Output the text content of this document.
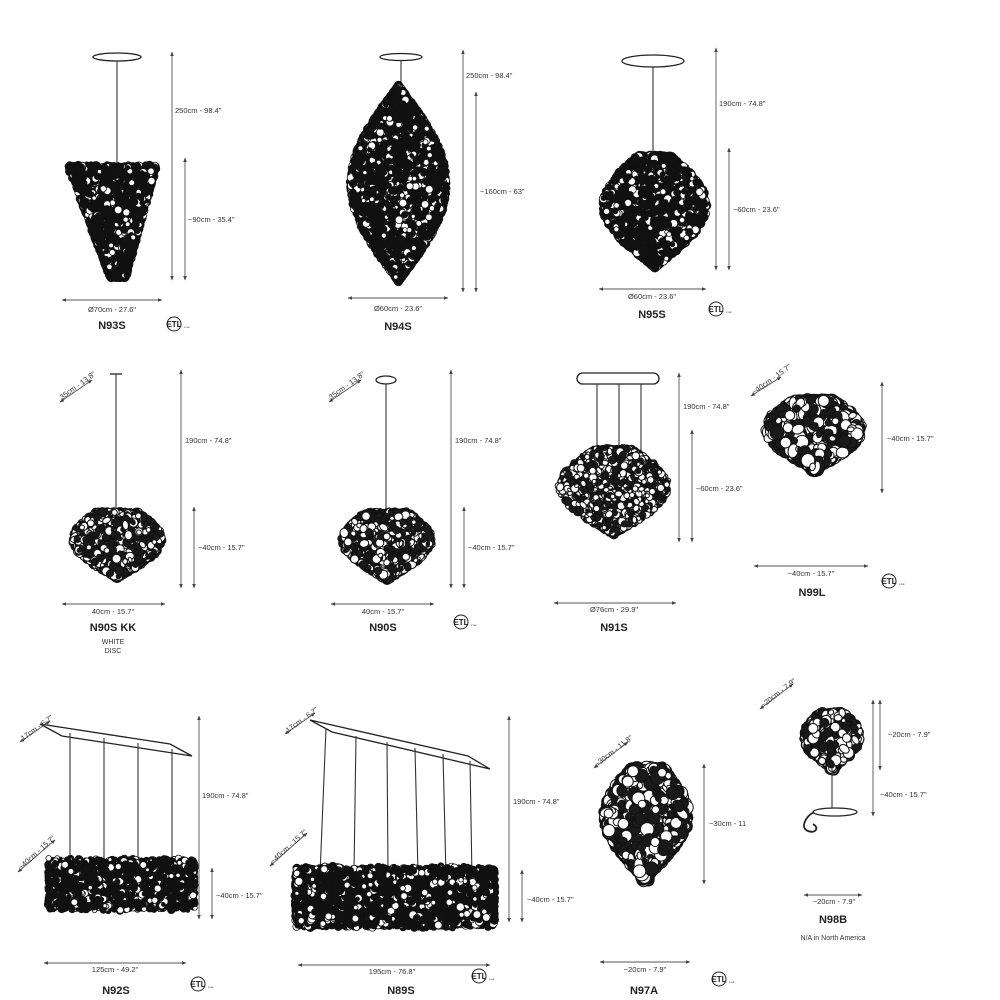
250cm - 98.4"
~90cm - 35.4"
Ø70cm - 27.6"
N93S	ETL c us
250cm - 98.4"
~160cm - 63"
Ø60cm - 23.6"
N94S
190cm - 74.8"
~60cm - 23.6"
Ø60cm - 23.6"
N95S	ETL c us
35cm - 13.8"
190cm - 74.8"
~40cm - 15.7"
40cm - 15.7"
N90S KK
WHITE
DISC
35cm - 13.8"
190cm - 74.8"
~40cm - 15.7"
40cm - 15.7"
N90S	ETL c us
190cm - 74.8"
~60cm - 23.6"
Ø76cm - 29.9"
N91S
~40cm - 15.7"
~40cm - 15.7"
~40cm - 15.7"
N99L
ETL c us
17cm - 6.7"
~40cm - 15.7"
190cm - 74.8"
~40cm - 15.7"
125cm - 49.2"
N92S
ETL c us
17cm - 6.7"
~40cm - 15.7"
190cm - 74.8"
~40cm - 15.7"
195cm - 76.8"
N89S
ETL c us
~30cm - 11.8"
~30cm - 11
~20cm - 7.9"
N97A
ETL c us
~20cm - 7.9"
~20cm - 7.9"
~40cm - 15.7"
~20cm - 7.9"
N98B
N/A in North America
